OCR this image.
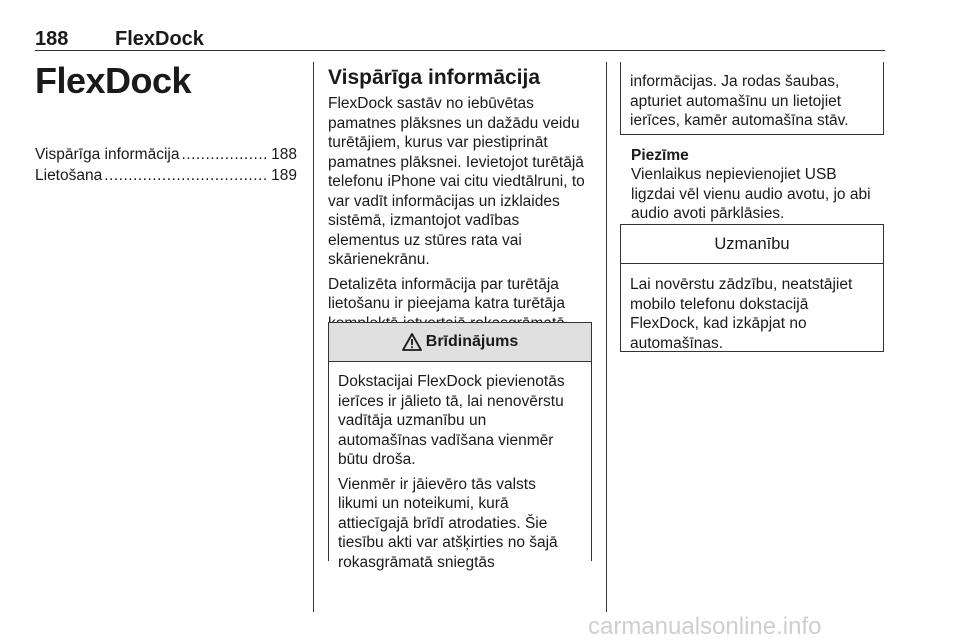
188 FlexDock
FlexDock
Vispārīga informācija .....	188
Lietošana .....	189
Vispārīga informācija

FlexDock sastāv no iebūvētas
pamatnes plāksnes un dažādu veidu
turētājiem, kurus var piestiprināt
pamatnes plāksnei. Ievietojot turētājā
telefonu iPhone vai citu viedtālruni, to
var vadīt informācijas un izklaides
sistēmā, izmantojot vadības
elementus uz stūres rata vai
skārienekrānu.

Detalizēta informācija par turētāja
lietošanu ir pieejama katra turētāja

Brīdinājums

Dokstacijai FlexDock pievienotās
ierīces ir jālieto tā, lai nenovērstu
vadītāja uzmanību un
automašīnas vadīšana vienmēr
būtu droša.

Vienmēr ir jāievēro tās valsts
likumi un noteikumi, kurā
attiecīgajā brīdī atrodaties. Šie
tiesību akti var atšķirties no šajā
rokasgrāmatā sniegtās

informācijas. Ja rodas šaubas,
apturiet automašīnu un lietojiet
ierīces, kamēr automašīna stāv.

Piezīme

Vienlaikus nepievienojiet USB
ligzdai vēl vienu audio avotu, jo abi
audio avoti pārklāsies.

Uzmanību

Lai novērstu zādzību, neatstājiet
mobilo telefonu dokstacijā
FlexDock, kad izkāpjat no
automašīnas.

carmanualsonline.info
